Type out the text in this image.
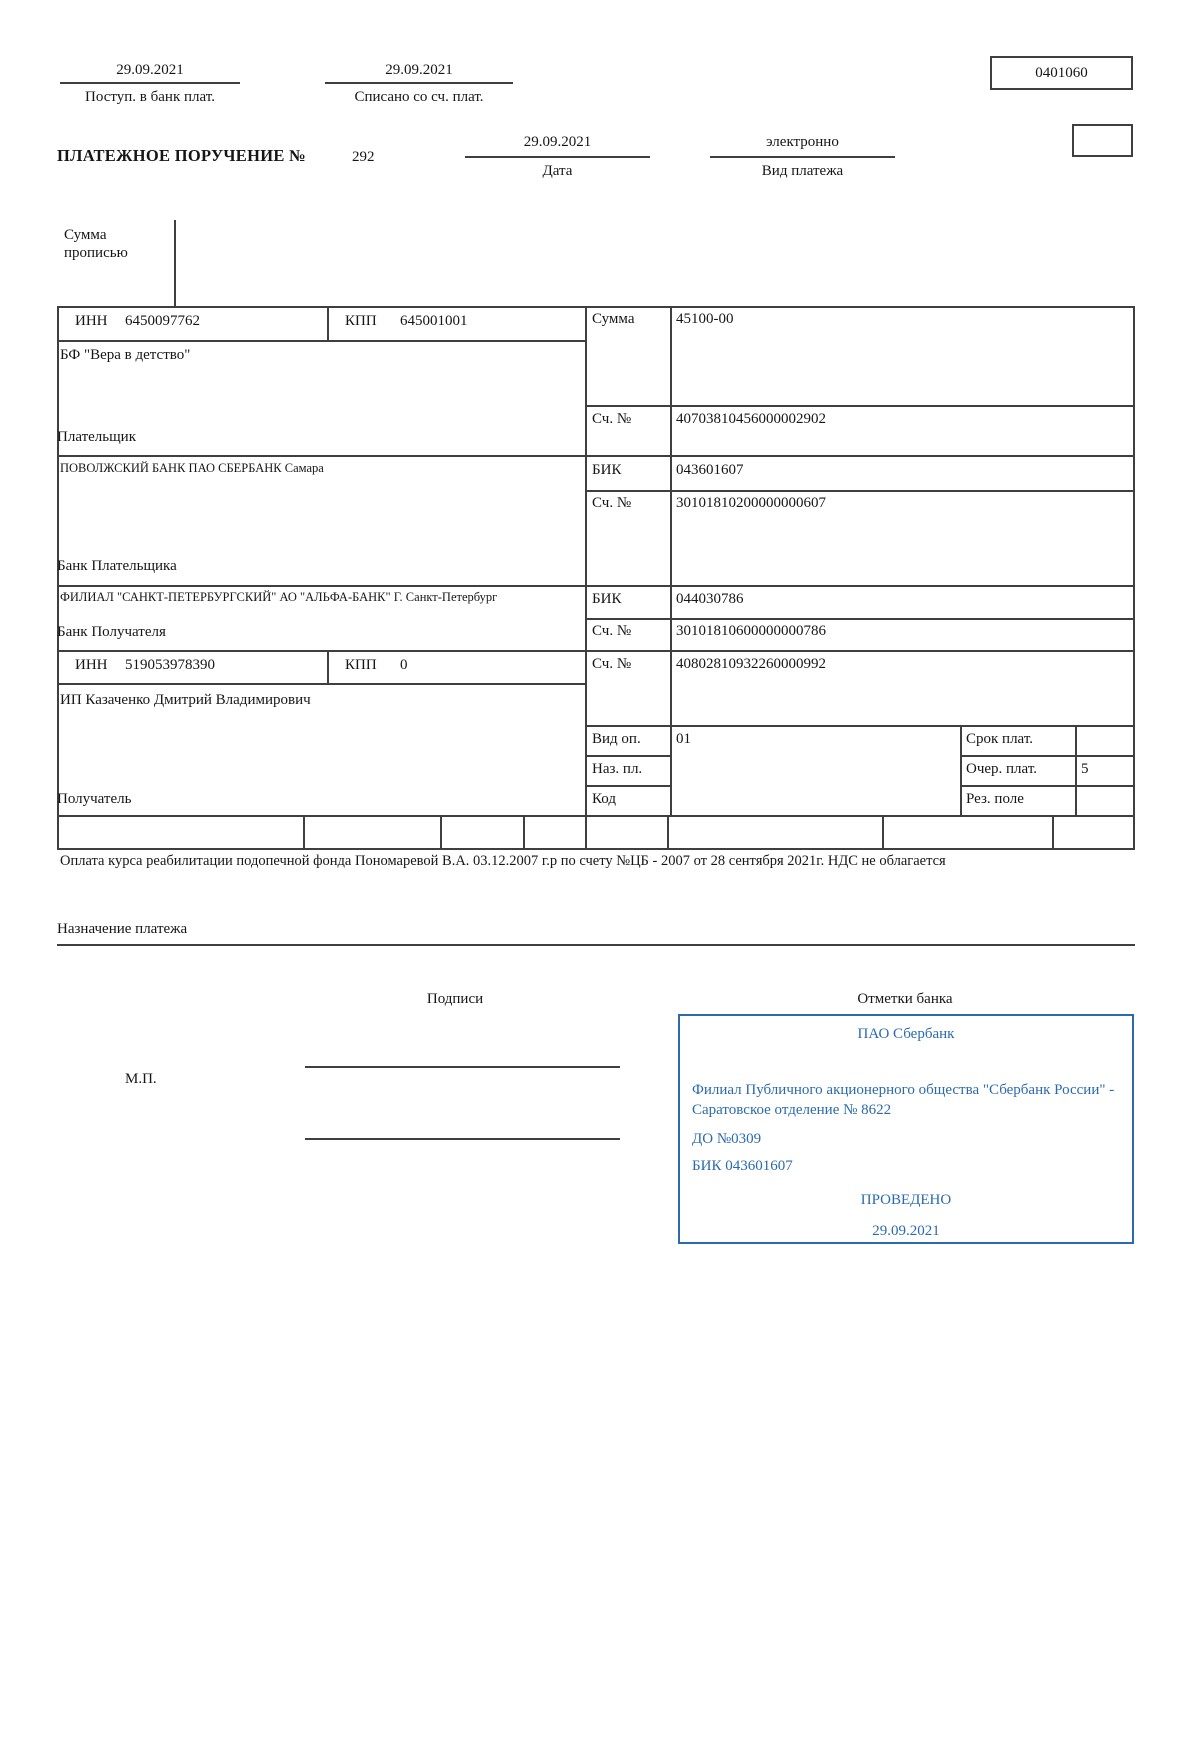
29.09.2021
Поступ. в банк плат.
29.09.2021
Списано со сч. плат.
0401060
ПЛАТЕЖНОЕ ПОРУЧЕНИЕ №	292
29.09.2021
Дата
электронно
Вид платежа
Сумма прописью
ИНН 6450097762	КПП 645001001
БФ "Вера в детство"
Плательщик
ПОВОЛЖСКИЙ БАНК ПАО СБЕРБАНК Самара
Банк Плательщика
ФИЛИАЛ "САНКТ-ПЕТЕРБУРГСКИЙ" АО "АЛЬФА-БАНК" Г. Санкт-Петербург
Банк Получателя
ИНН 519053978390	КПП 0
ИП Казаченко Дмитрий Владимирович
Получатель
Сумма	45100-00
Сч. №	40703810456000002902
БИК	043601607
Сч. №	30101810200000000607
БИК	044030786
Сч. №	30101810600000000786
Сч. №	40802810932260000992
Вид оп. 01
Наз. пл.
Код
Срок плат.
Очер. плат.	5
Рез. поле
Оплата курса реабилитации подопечной фонда Пономаревой В.А. 03.12.2007 г.р по счету №ЦБ - 2007 от 28 сентября 2021г. НДС не облагается
Назначение платежа
Подписи	Отметки банка
М.П.
ПАО Сбербанк
Филиал Публичного акционерного общества "Сбербанк России" - Саратовское отделение № 8622
ДО №0309
БИК 043601607
ПРОВЕДЕНО
29.09.2021
